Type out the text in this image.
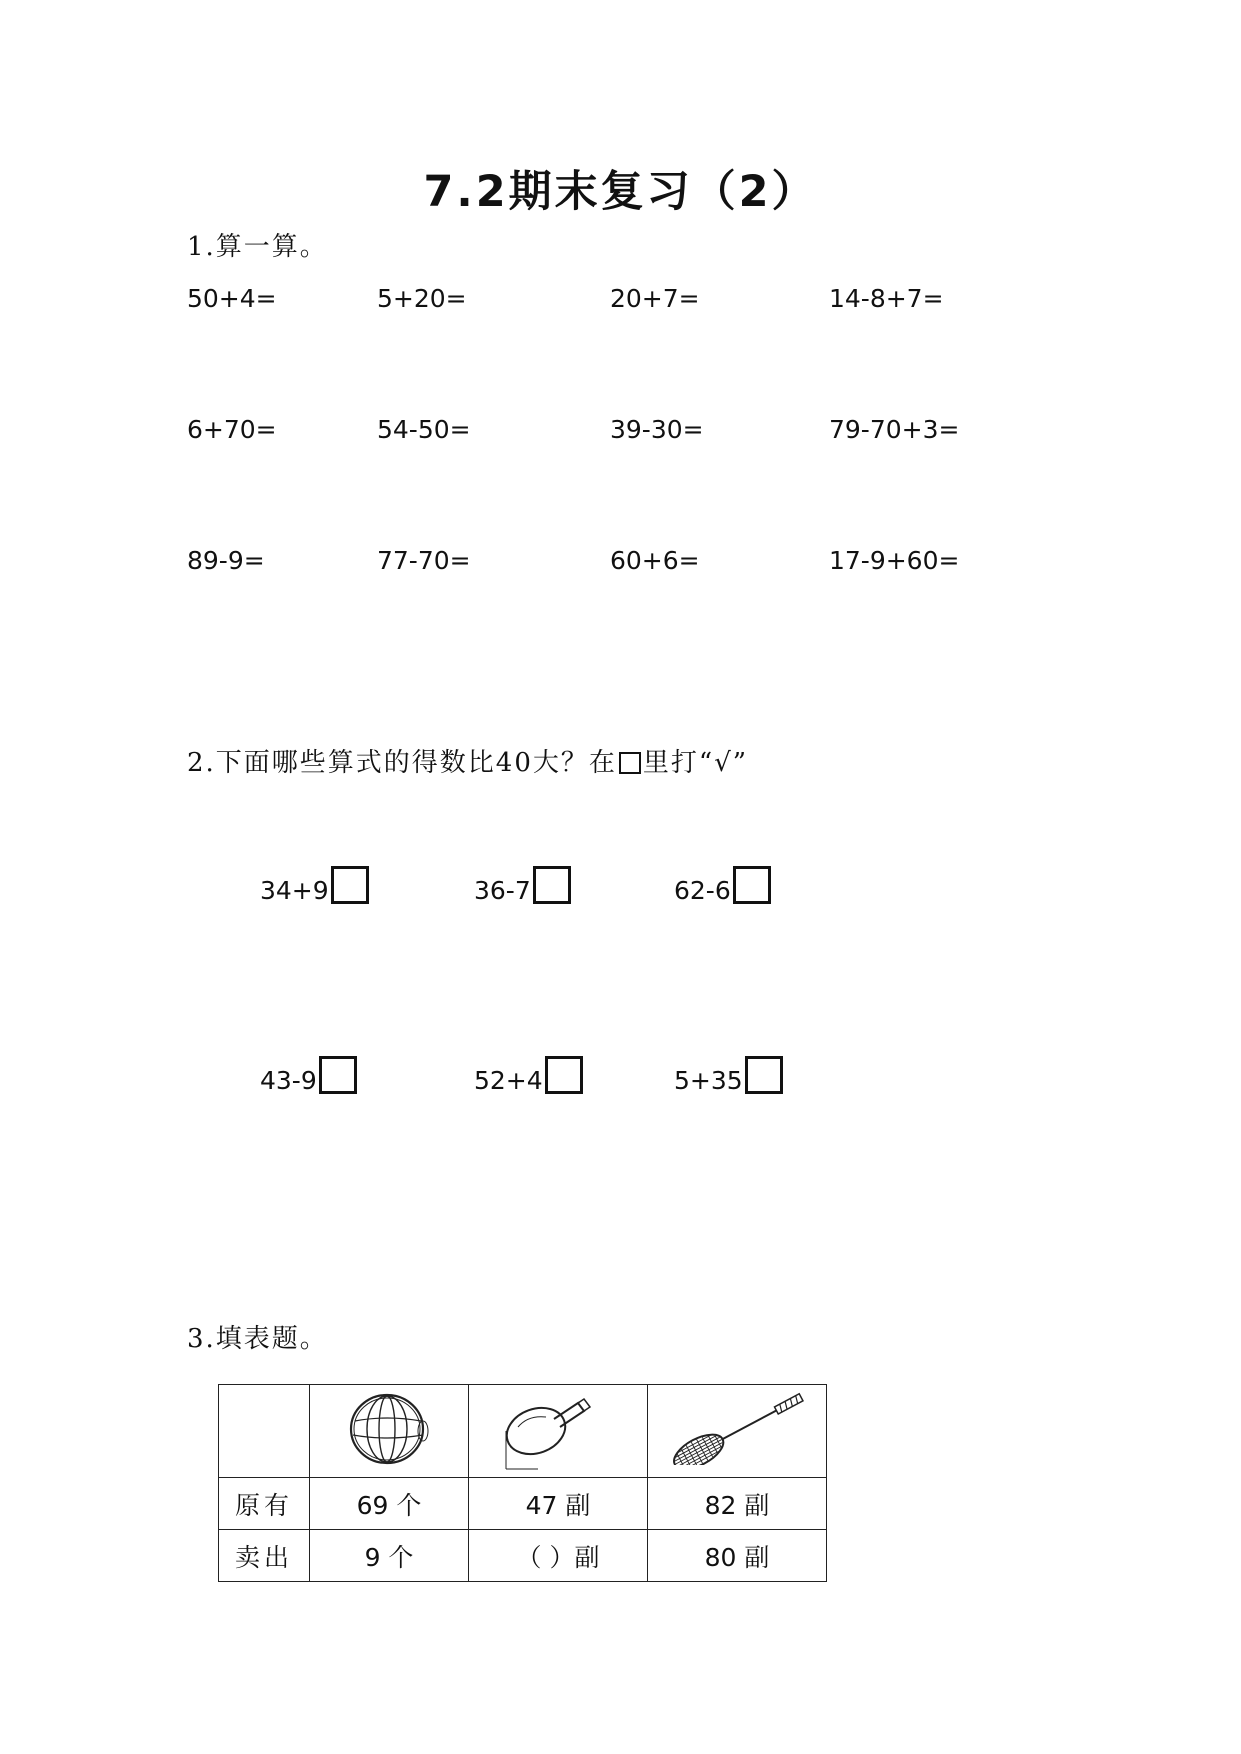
7.2期末复习（2）
1.算一算。
50+4=	5+20=	20+7=	14-8+7=
6+70=	54-50=	39-30=	79-70+3=
89-9=	77-70=	60+6=	17-9+60=
2.下面哪些算式的得数比40大？在 里打“√”
34+9	36-7	62-6
43-9	52+4	5+35
3.填表题。

原有	69 个	47 副	82 副
卖出	9 个	（ ）副	80 副
